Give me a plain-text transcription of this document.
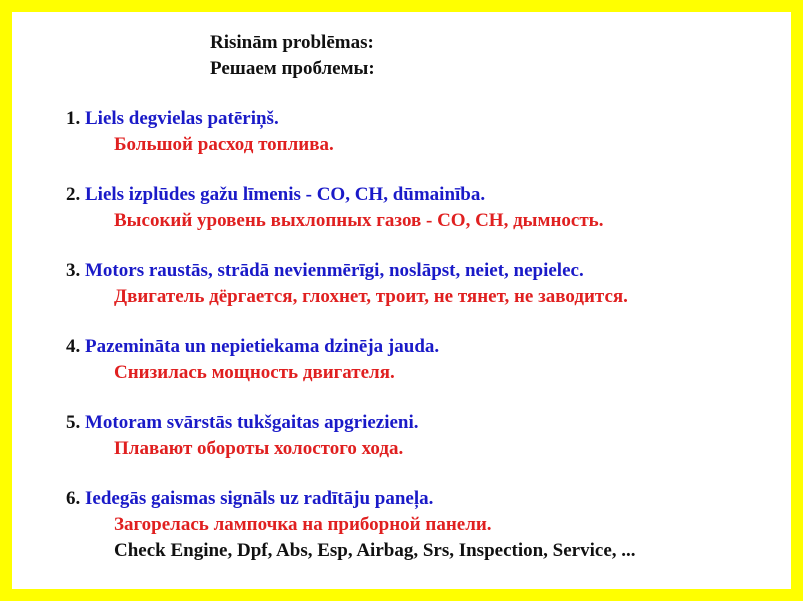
Risinām problēmas:
Решаем проблемы:
1. Liels degvielas patēriņš.
Большой расход топлива.
2. Liels izplūdes gažu līmenis - CO, CH, dūmainība.
Высокий уровень выхлопных газов - CO, CH, дымность.
3. Motors raustās, strādā nevienmērīgi, noslāpst, neiet, nepielec.
Двигатель дёргается, глохнет, троит, не тянет, не заводится.
4. Pazemināta un nepietiekama dzinēja jauda.
Снизилась мощность двигателя.
5. Motoram svārstās tukšgaitas apgriezieni.
Плавают обороты холостого хода.
6. Iedegās gaismas signāls uz radītāju paneļa.
Загорелась лампочка на приборной панели.
Check Engine, Dpf, Abs, Esp, Airbag, Srs, Inspection, Service, ...
